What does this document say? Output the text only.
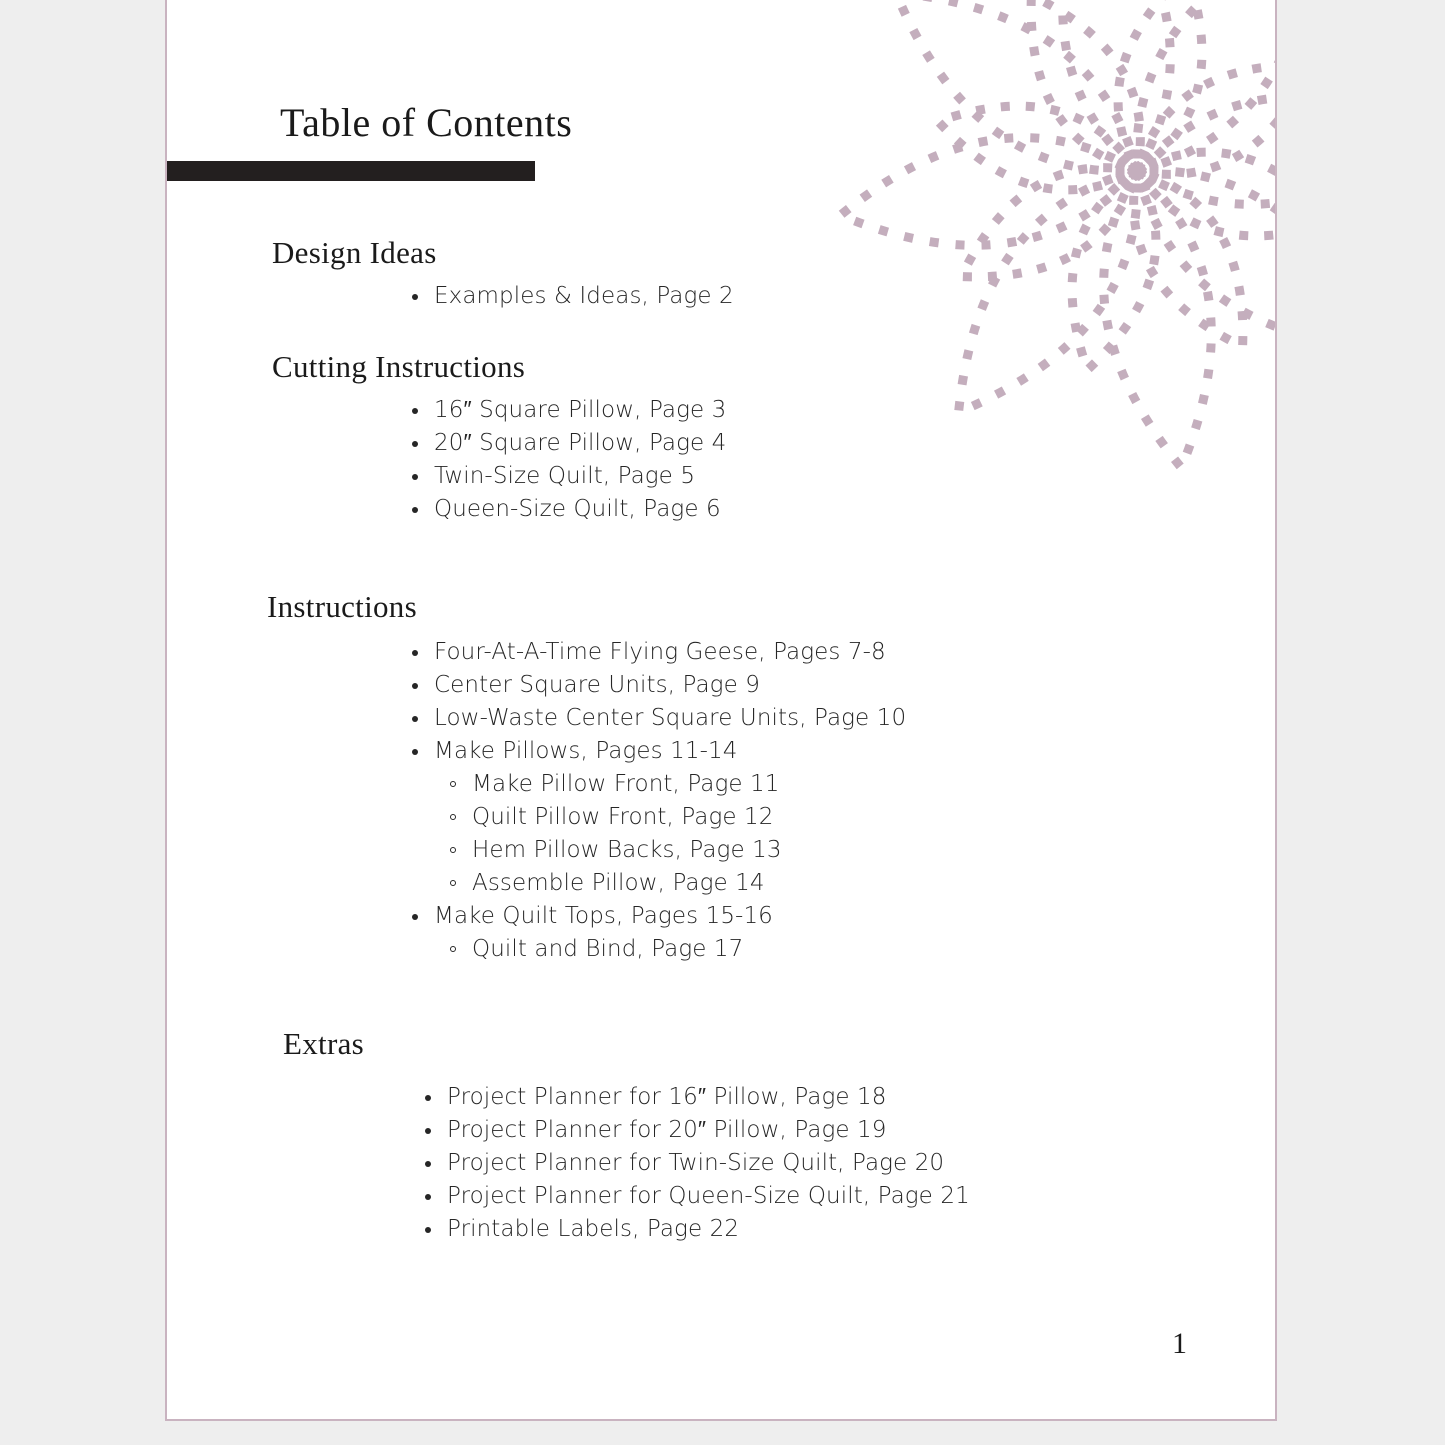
Table of Contents
Design Ideas
Examples & Ideas, Page 2
Cutting Instructions
16″ Square Pillow, Page 3
20″ Square Pillow, Page 4
Twin-Size Quilt, Page 5
Queen-Size Quilt, Page 6
Instructions
Four-At-A-Time Flying Geese, Pages 7-8
Center Square Units, Page 9
Low-Waste Center Square Units, Page 10
Make Pillows, Pages 11-14
Make Pillow Front, Page 11
Quilt Pillow Front, Page 12
Hem Pillow Backs, Page 13
Assemble Pillow, Page 14
Make Quilt Tops, Pages 15-16
Quilt and Bind, Page 17
Extras
Project Planner for 16″ Pillow, Page 18
Project Planner for 20″ Pillow, Page 19
Project Planner for Twin-Size Quilt, Page 20
Project Planner for Queen-Size Quilt, Page 21
Printable Labels, Page 22
1
